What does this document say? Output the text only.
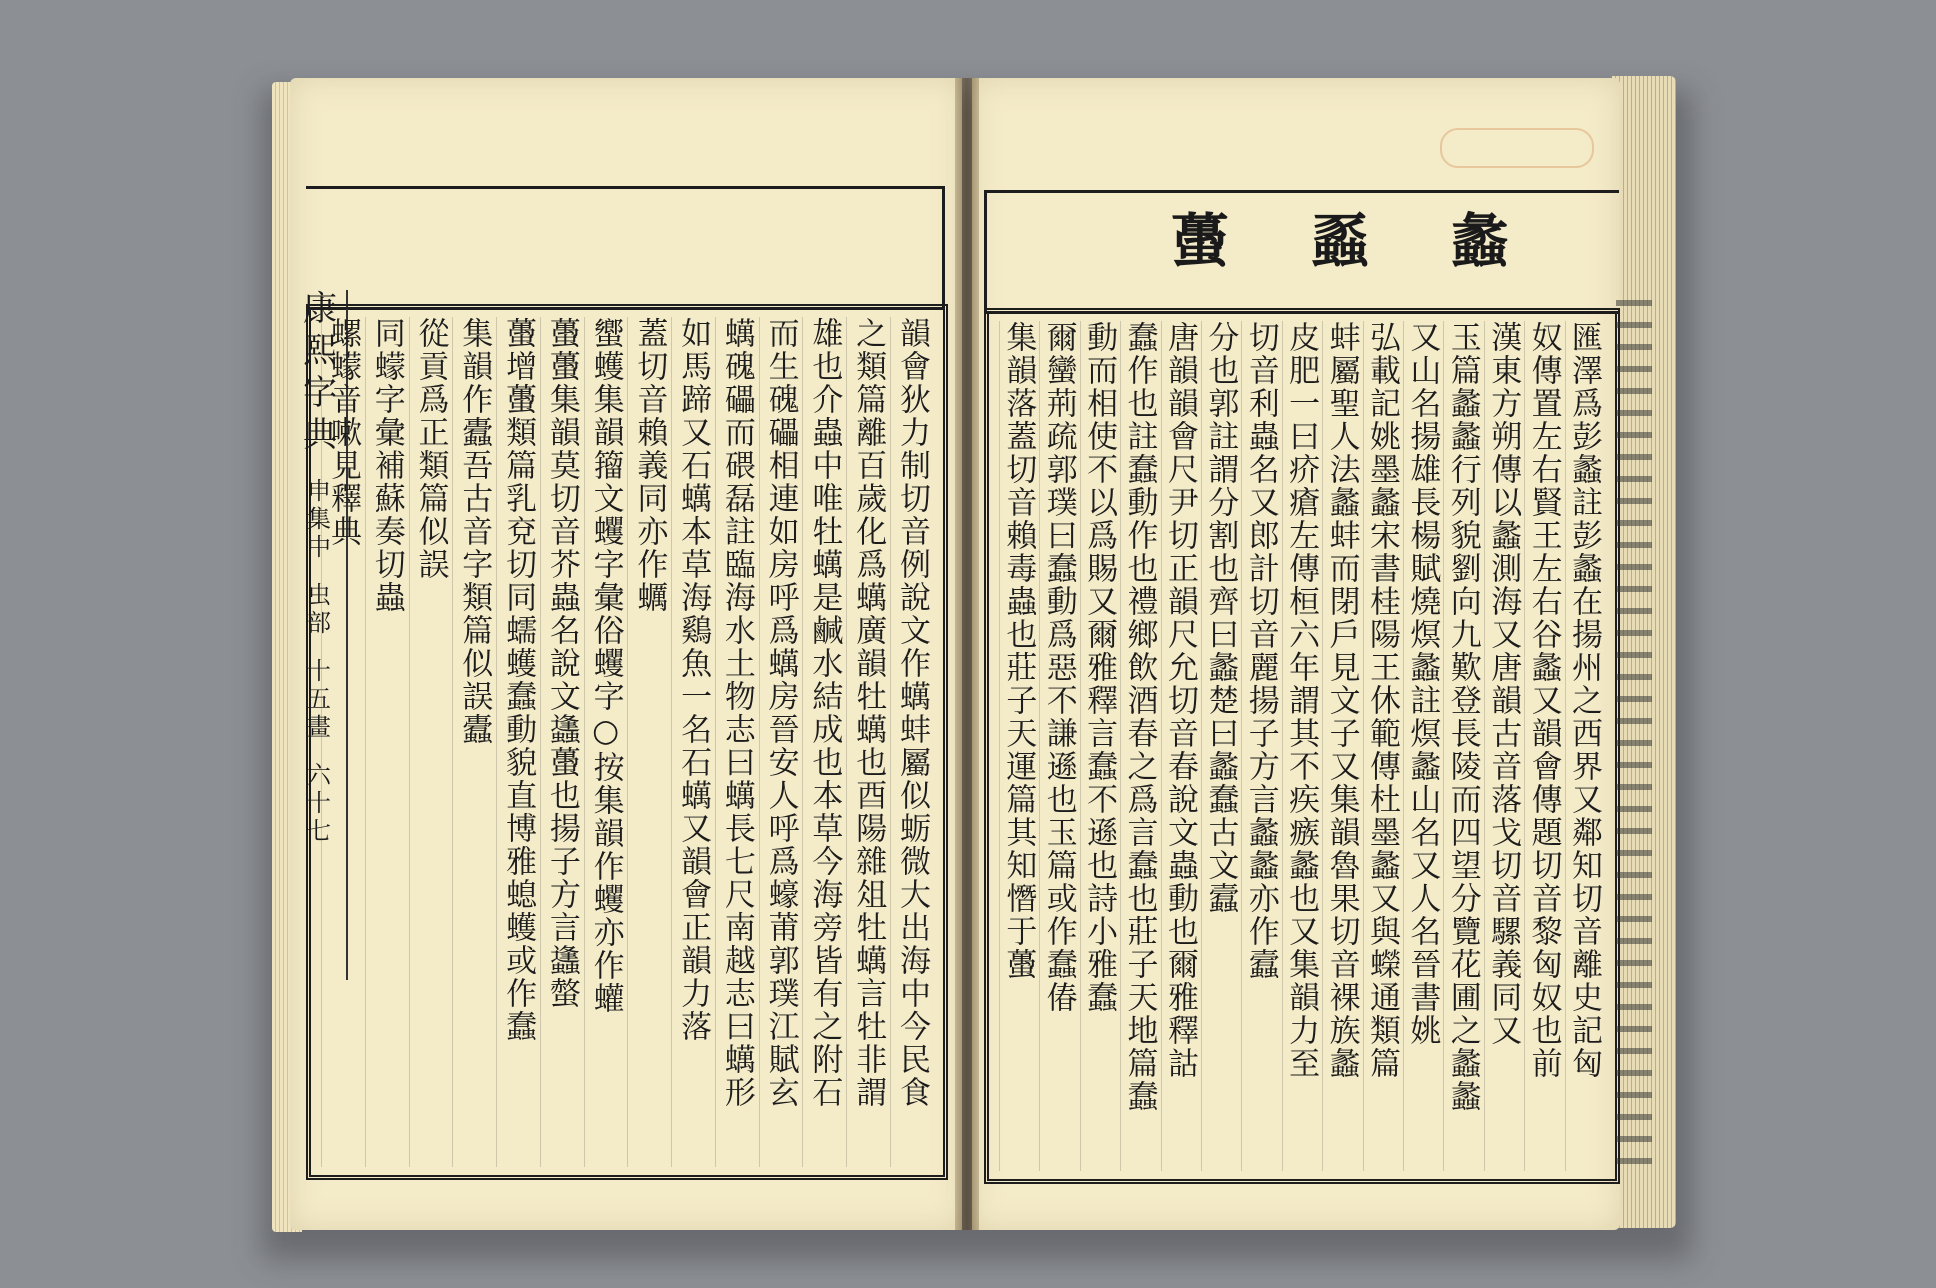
蠡
蟸
蠆
康熙字典
申集中
虫部
十五畫
六十七	韻會狄力制切音例說文作蠇蚌屬似蛎微大出海中今民食
之類篇離百歲化爲蠇廣韻牡蠇也酉陽雜俎牡蠇言牡非謂
雄也介蟲中唯牡蠇是鹹水結成也本草今海旁皆有之附石
而生磈礧相連如房呼爲蠇房晉安人呼爲蠔莆郭璞江賦玄
蠇磈礧而碨磊註臨海水土物志曰蠇長七尺南越志曰蠇形
如馬蹄又石蠇本草海鷄魚一名石蠇又韻會正韻力落
蓋切音賴義同亦作蠣
蠁蠖集韻籀文蠼字彙俗蠼字○按集韻作蠼亦作蠸
蠆蠆集韻莫切音芥蟲名說文蠭蠆也揚子方言蠭螫
蠆增蠆類篇乳兗切同蠕蠖蠢動貌直博雅螅蠖或作蠢
集韻作蠹吾古音字類篇似誤蠹
從貢爲正類篇似誤
同蠓字彙補蘇奏切蟲
螺蠓音嗽見釋典	匯澤爲彭蠡註彭蠡在揚州之西界又鄰知切音離史記匈
奴傳置左右賢王左右谷蠡又韻會傳題切音黎匈奴也前
漢東方朔傳以蠡測海又唐韻古音落戈切音騾義同又
玉篇蠡蠡行列貌劉向九歎登長陵而四望分覽花圃之蠡蠡
又山名揚雄長楊賦燒熐蠡註熐蠡山名又人名晉書姚
弘載記姚墨蠡宋書桂陽王休範傳杜墨蠡又與蠑通類篇
蚌屬聖人法蠡蚌而閉戶見文子又集韻魯果切音裸族蠡
皮肥一曰疥瘡左傳桓六年謂其不疾瘯蠡也又集韻力至
切音利蟲名又郎計切音麗揚子方言蠡蠡亦作蠧
分也郭註謂分割也齊曰蠡楚曰蠡蠢古文蠧
唐韻韻會尺尹切正韻尺允切音春說文蟲動也爾雅釋詁
蠢作也註蠢動作也禮鄉飲酒春之爲言蠢也莊子天地篇蠢
動而相使不以爲賜又爾雅釋言蠢不遜也詩小雅蠢
爾蠻荊疏郭璞曰蠢動爲惡不謙遜也玉篇或作蠢偆
集韻落蓋切音賴毒蟲也莊子天運篇其知憯于蠆
